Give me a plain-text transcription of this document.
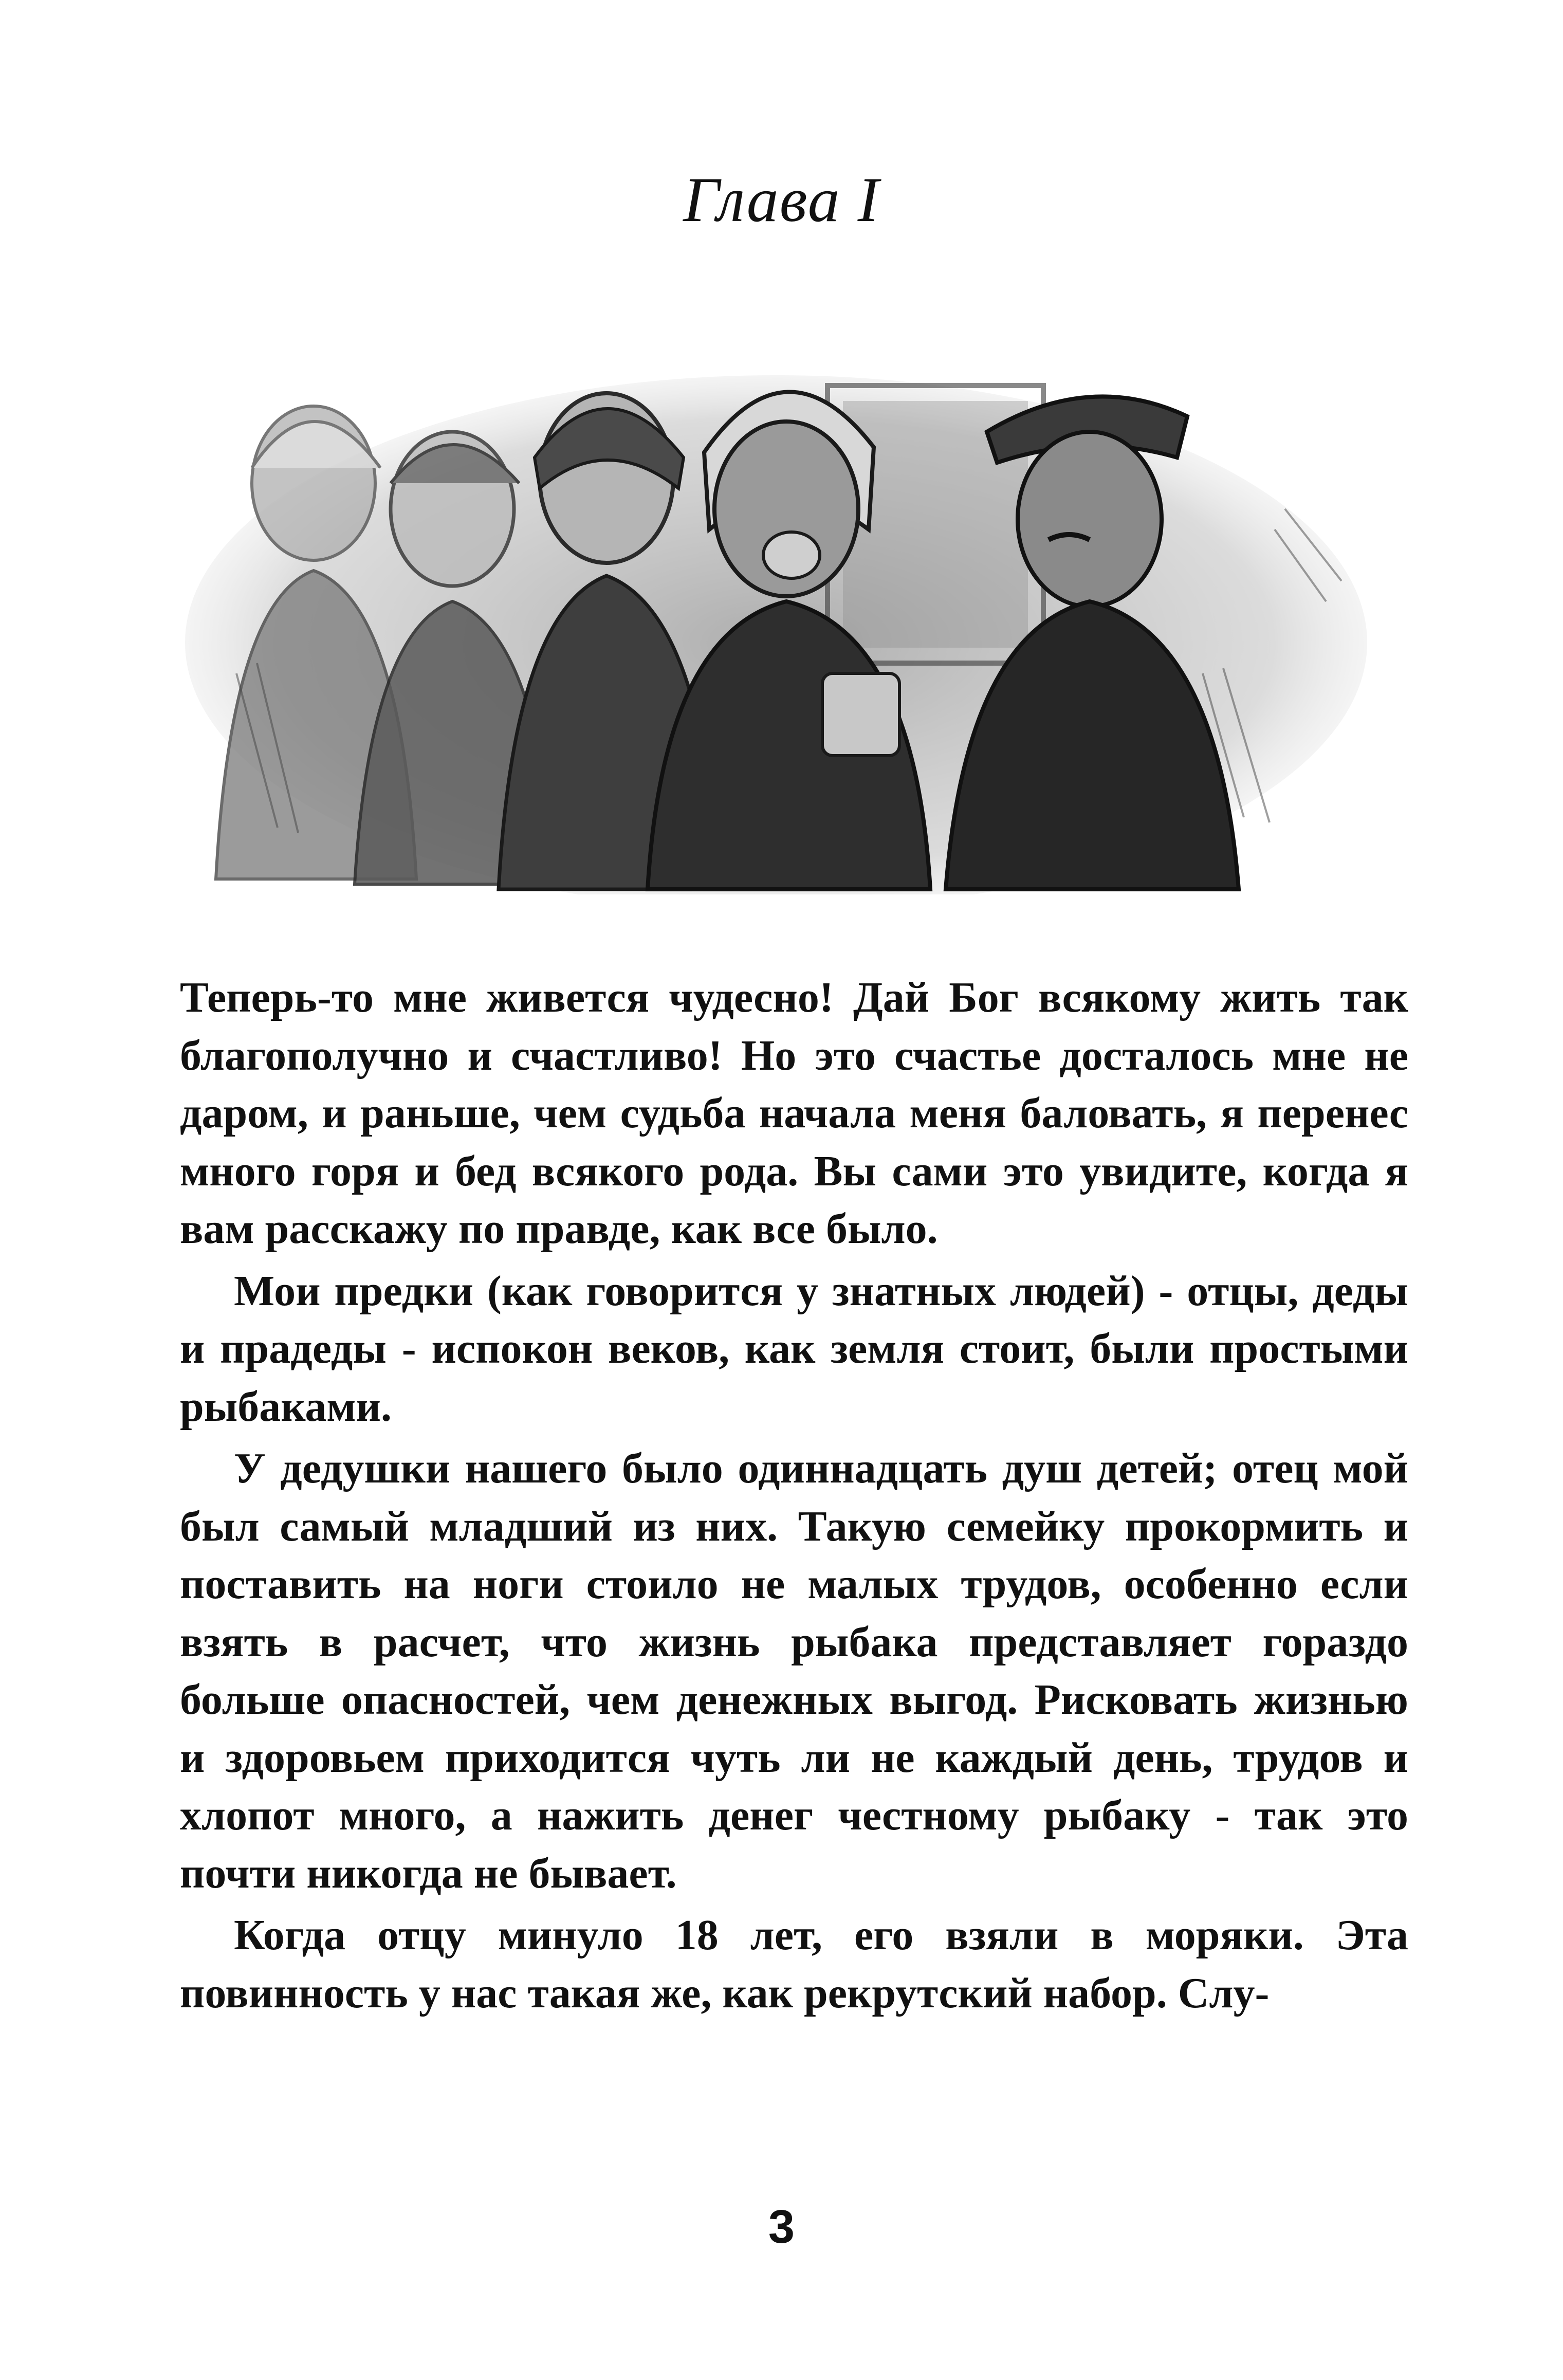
Глава I

Теперь-то мне живется чудесно! Дай Бог всякому жить так благополучно и счастливо! Но это счастье досталось мне не даром, и раньше, чем судьба начала меня баловать, я перенес много горя и бед всякого рода. Вы сами это увидите, когда я вам расскажу по правде, как все было.

Мои предки (как говорится у знатных людей) - отцы, деды и прадеды - испокон веков, как земля стоит, были простыми рыбаками.

У дедушки нашего было одиннадцать душ детей; отец мой был самый младший из них. Такую семейку прокормить и поставить на ноги стоило не малых трудов, особенно если взять в расчет, что жизнь рыбака представляет гораздо больше опасностей, чем денежных выгод. Рисковать жизнью и здоровьем приходится чуть ли не каждый день, трудов и хлопот много, а нажить денег честному рыбаку - так это почти никогда не бывает.

Когда отцу минуло 18 лет, его взяли в моряки. Эта повинность у нас такая же, как рекрутский набор. Слу-

3
